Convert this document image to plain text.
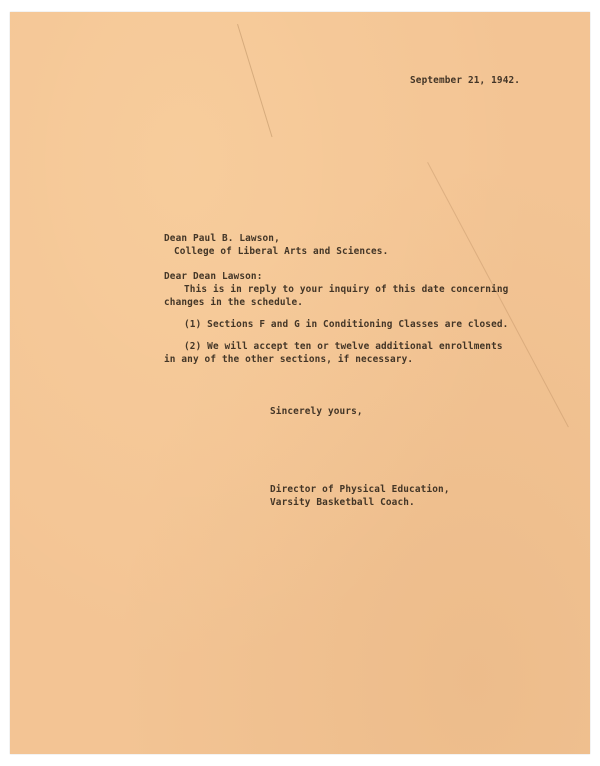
September 21, 1942.
Dean Paul B. Lawson,
College of Liberal Arts and Sciences.
Dear Dean Lawson:
This is in reply to your inquiry of this date concerning
changes in the schedule.
(1) Sections F and G in Conditioning Classes are closed.
(2) We will accept ten or twelve additional enrollments
in any of the other sections, if necessary.
Sincerely yours,
Director of Physical Education,
Varsity Basketball Coach.
